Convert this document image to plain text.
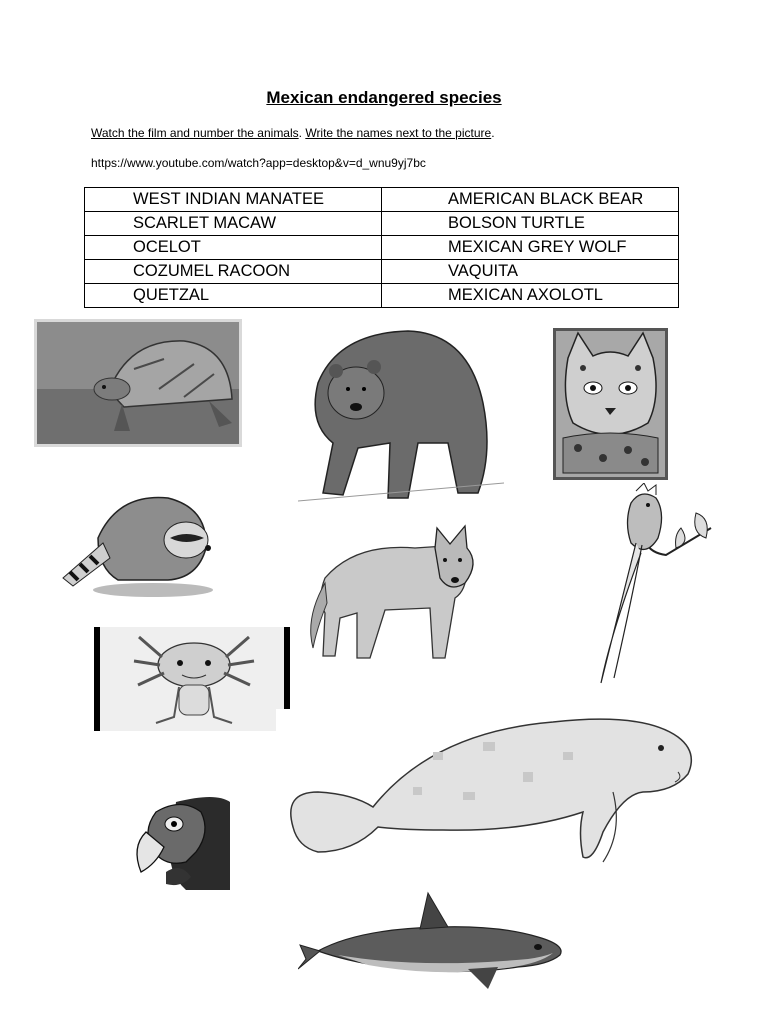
Mexican endangered species
Watch the film and number the animals. Write the names next to the picture.
https://www.youtube.com/watch?app=desktop&v=d_wnu9yj7bc
WEST INDIAN MANATEE	AMERICAN BLACK BEAR
SCARLET MACAW	BOLSON TURTLE
OCELOT	MEXICAN GREY WOLF
COZUMEL RACOON	VAQUITA
QUETZAL	MEXICAN AXOLOTL
